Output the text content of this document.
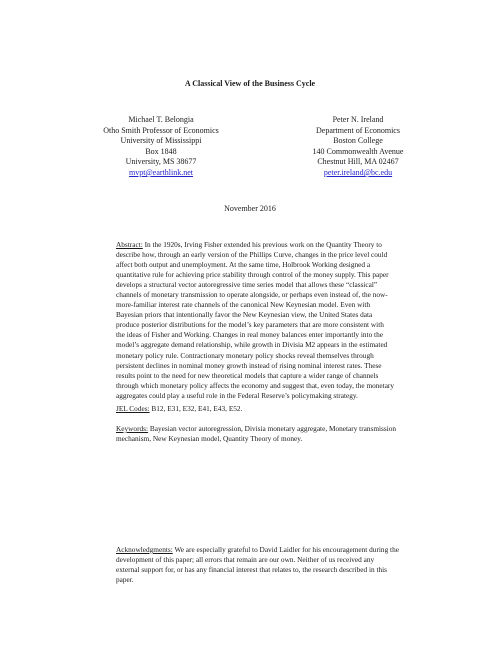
A Classical View of the Business Cycle
Michael T. Belongia
Otho Smith Professor of Economics
University of Mississippi
Box 1848
University, MS 38677
mvpt@earthlink.net
Peter N. Ireland
Department of Economics
Boston College
140 Commonwealth Avenue
Chestnut Hill, MA 02467
peter.ireland@bc.edu
November 2016
Abstract: In the 1920s, Irving Fisher extended his previous work on the Quantity Theory to
describe how, through an early version of the Phillips Curve, changes in the price level could
affect both output and unemployment. At the same time, Holbrook Working designed a
quantitative rule for achieving price stability through control of the money supply. This paper
develops a structural vector autoregressive time series model that allows these “classical”
channels of monetary transmission to operate alongside, or perhaps even instead of, the now-
more-familiar interest rate channels of the canonical New Keynesian model. Even with
Bayesian priors that intentionally favor the New Keynesian view, the United States data
produce posterior distributions for the model’s key parameters that are more consistent with
the ideas of Fisher and Working. Changes in real money balances enter importantly into the
model’s aggregate demand relationship, while growth in Divisia M2 appears in the estimated
monetary policy rule. Contractionary monetary policy shocks reveal themselves through
persistent declines in nominal money growth instead of rising nominal interest rates. These
results point to the need for new theoretical models that capture a wider range of channels
through which monetary policy affects the economy and suggest that, even today, the monetary
aggregates could play a useful role in the Federal Reserve’s policymaking strategy.
JEL Codes: B12, E31, E32, E41, E43, E52.
Keywords: Bayesian vector autoregression, Divisia monetary aggregate, Monetary transmission
mechanism, New Keynesian model, Quantity Theory of money.
Acknowledgments: We are especially grateful to David Laidler for his encouragement during the
development of this paper; all errors that remain are our own. Neither of us received any
external support for, or has any financial interest that relates to, the research described in this
paper.
